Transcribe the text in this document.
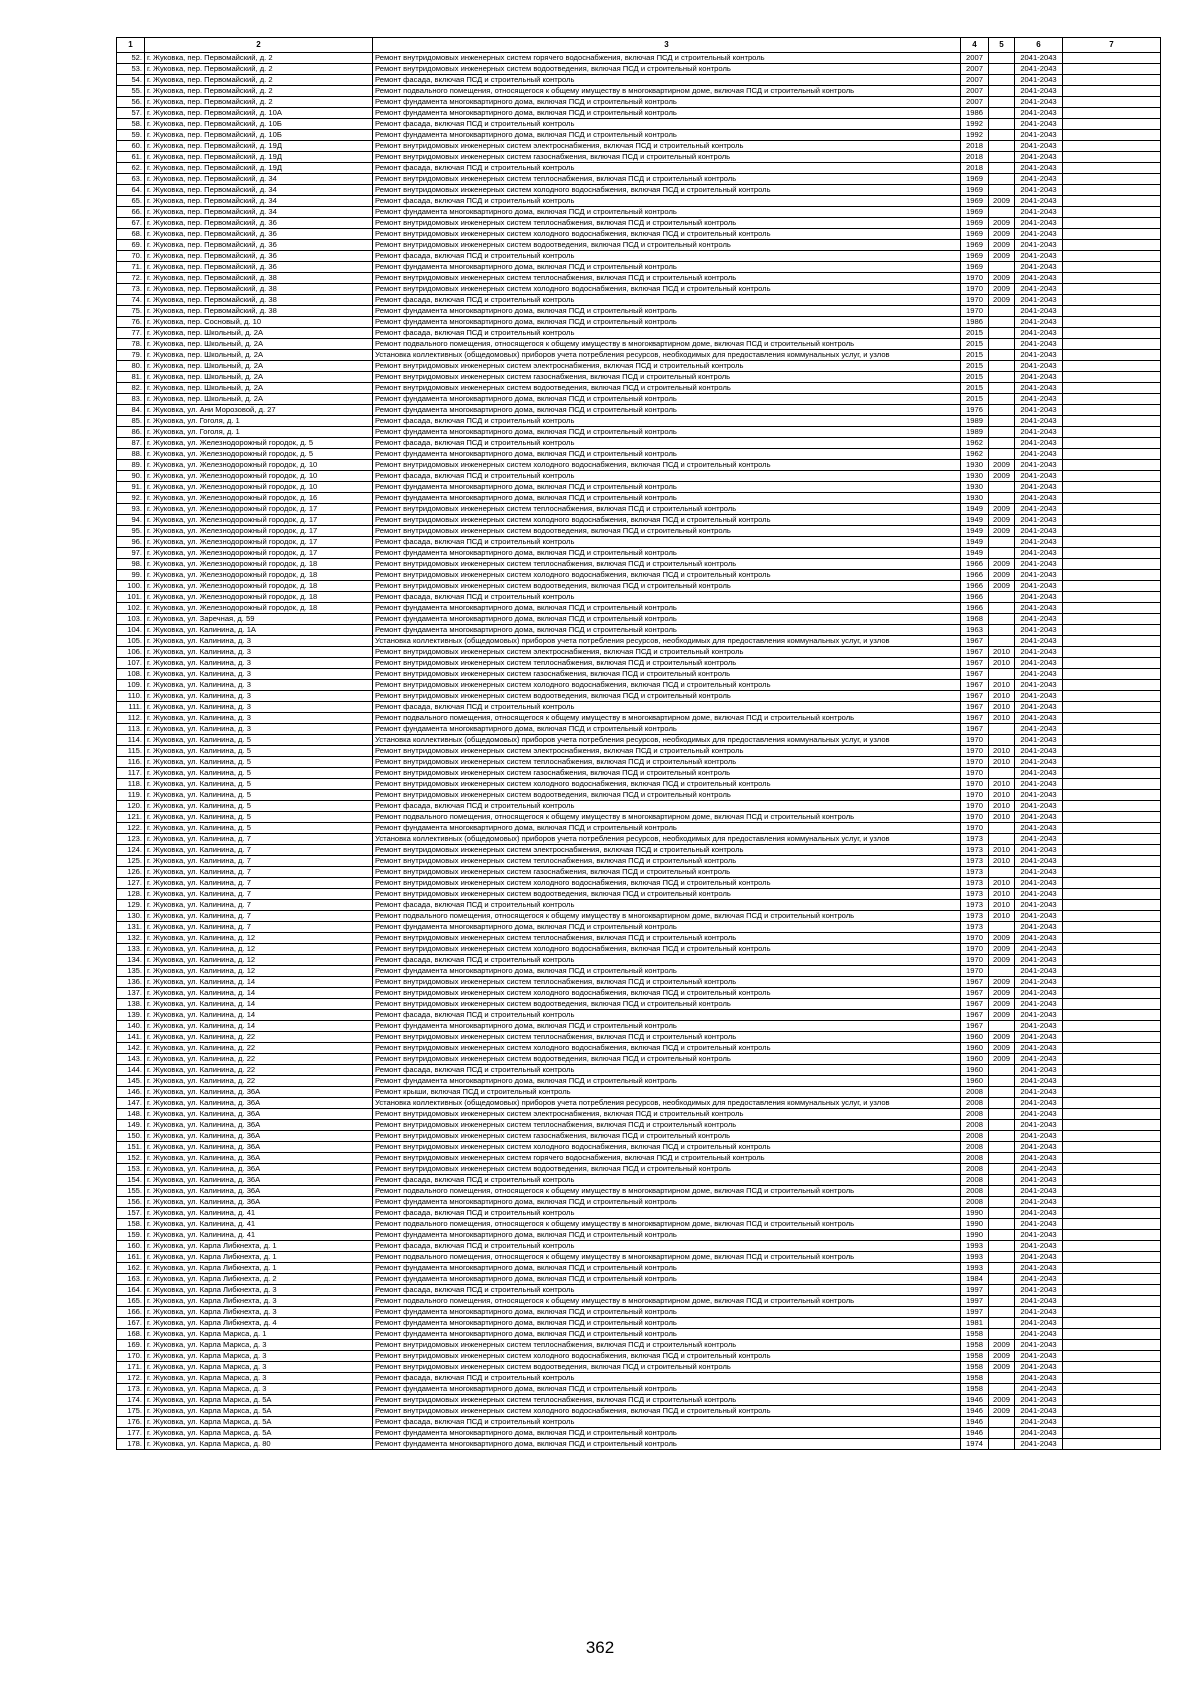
1	2	3	4	5	6	7
52.	г. Жуковка, пер. Первомайский, д. 2	Ремонт внутридомовых инженерных систем горячего водоснабжения, включая ПСД и строительный контроль	2007		2041-2043	
53.	г. Жуковка, пер. Первомайский, д. 2	Ремонт внутридомовых инженерных систем водоотведения, включая ПСД и строительный контроль	2007		2041-2043	
54.	г. Жуковка, пер. Первомайский, д. 2	Ремонт фасада, включая ПСД и строительный контроль	2007		2041-2043	
55.	г. Жуковка, пер. Первомайский, д. 2	Ремонт подвального помещения, относящегося к общему имуществу в многоквартирном доме, включая ПСД и строительный контроль	2007		2041-2043	
56.	г. Жуковка, пер. Первомайский, д. 2	Ремонт фундамента многоквартирного дома, включая ПСД и строительный контроль	2007		2041-2043	
57.	г. Жуковка, пер. Первомайский, д. 10А	Ремонт фундамента многоквартирного дома, включая ПСД и строительный контроль	1986		2041-2043	
58.	г. Жуковка, пер. Первомайский, д. 10Б	Ремонт фасада, включая ПСД и строительный контроль	1992		2041-2043	
59.	г. Жуковка, пер. Первомайский, д. 10Б	Ремонт фундамента многоквартирного дома, включая ПСД и строительный контроль	1992		2041-2043	
60.	г. Жуковка, пер. Первомайский, д. 19Д	Ремонт внутридомовых инженерных систем электроснабжения, включая ПСД и строительный контроль	2018		2041-2043	
61.	г. Жуковка, пер. Первомайский, д. 19Д	Ремонт внутридомовых инженерных систем газоснабжения, включая ПСД и строительный контроль	2018		2041-2043	
62.	г. Жуковка, пер. Первомайский, д. 19Д	Ремонт фасада, включая ПСД и строительный контроль	2018		2041-2043	
63.	г. Жуковка, пер. Первомайский, д. 34	Ремонт внутридомовых инженерных систем теплоснабжения, включая ПСД и строительный контроль	1969		2041-2043	
64.	г. Жуковка, пер. Первомайский, д. 34	Ремонт внутридомовых инженерных систем холодного водоснабжения, включая ПСД и строительный контроль	1969		2041-2043	
65.	г. Жуковка, пер. Первомайский, д. 34	Ремонт фасада, включая ПСД и строительный контроль	1969	2009	2041-2043	
66.	г. Жуковка, пер. Первомайский, д. 34	Ремонт фундамента многоквартирного дома, включая ПСД и строительный контроль	1969		2041-2043	
67.	г. Жуковка, пер. Первомайский, д. 36	Ремонт внутридомовых инженерных систем теплоснабжения, включая ПСД и строительный контроль	1969	2009	2041-2043	
68.	г. Жуковка, пер. Первомайский, д. 36	Ремонт внутридомовых инженерных систем холодного водоснабжения, включая ПСД и строительный контроль	1969	2009	2041-2043	
69.	г. Жуковка, пер. Первомайский, д. 36	Ремонт внутридомовых инженерных систем водоотведения, включая ПСД и строительный контроль	1969	2009	2041-2043	
70.	г. Жуковка, пер. Первомайский, д. 36	Ремонт фасада, включая ПСД и строительный контроль	1969	2009	2041-2043	
71.	г. Жуковка, пер. Первомайский, д. 36	Ремонт фундамента многоквартирного дома, включая ПСД и строительный контроль	1969		2041-2043	
72.	г. Жуковка, пер. Первомайский, д. 38	Ремонт внутридомовых инженерных систем теплоснабжения, включая ПСД и строительный контроль	1970	2009	2041-2043	
73.	г. Жуковка, пер. Первомайский, д. 38	Ремонт внутридомовых инженерных систем холодного водоснабжения, включая ПСД и строительный контроль	1970	2009	2041-2043	
74.	г. Жуковка, пер. Первомайский, д. 38	Ремонт фасада, включая ПСД и строительный контроль	1970	2009	2041-2043	
75.	г. Жуковка, пер. Первомайский, д. 38	Ремонт фундамента многоквартирного дома, включая ПСД и строительный контроль	1970		2041-2043	
76.	г. Жуковка, пер. Сосновый, д. 10	Ремонт фундамента многоквартирного дома, включая ПСД и строительный контроль	1986		2041-2043	
77.	г. Жуковка, пер. Школьный, д. 2А	Ремонт фасада, включая ПСД и строительный контроль	2015		2041-2043	
78.	г. Жуковка, пер. Школьный, д. 2А	Ремонт подвального помещения, относящегося к общему имуществу в многоквартирном доме, включая ПСД и строительный контроль	2015		2041-2043	
79.	г. Жуковка, пер. Школьный, д. 2А	Установка коллективных (общедомовых) приборов учета потребления ресурсов, необходимых для предоставления коммунальных услуг, и узлов	2015		2041-2043	
80.	г. Жуковка, пер. Школьный, д. 2А	Ремонт внутридомовых инженерных систем электроснабжения, включая ПСД и строительный контроль	2015		2041-2043	
81.	г. Жуковка, пер. Школьный, д. 2А	Ремонт внутридомовых инженерных систем газоснабжения, включая ПСД и строительный контроль	2015		2041-2043	
82.	г. Жуковка, пер. Школьный, д. 2А	Ремонт внутридомовых инженерных систем водоотведения, включая ПСД и строительный контроль	2015		2041-2043	
83.	г. Жуковка, пер. Школьный, д. 2А	Ремонт фундамента многоквартирного дома, включая ПСД и строительный контроль	2015		2041-2043	
84.	г. Жуковка, ул. Ани Морозовой, д. 27	Ремонт фундамента многоквартирного дома, включая ПСД и строительный контроль	1976		2041-2043	
85.	г. Жуковка, ул. Гоголя, д. 1	Ремонт фасада, включая ПСД и строительный контроль	1989		2041-2043	
86.	г. Жуковка, ул. Гоголя, д. 1	Ремонт фундамента многоквартирного дома, включая ПСД и строительный контроль	1989		2041-2043	
87.	г. Жуковка, ул. Железнодорожный городок, д. 5	Ремонт фасада, включая ПСД и строительный контроль	1962		2041-2043	
88.	г. Жуковка, ул. Железнодорожный городок, д. 5	Ремонт фундамента многоквартирного дома, включая ПСД и строительный контроль	1962		2041-2043	
89.	г. Жуковка, ул. Железнодорожный городок, д. 10	Ремонт внутридомовых инженерных систем холодного водоснабжения, включая ПСД и строительный контроль	1930	2009	2041-2043	
90.	г. Жуковка, ул. Железнодорожный городок, д. 10	Ремонт фасада, включая ПСД и строительный контроль	1930	2009	2041-2043	
91.	г. Жуковка, ул. Железнодорожный городок, д. 10	Ремонт фундамента многоквартирного дома, включая ПСД и строительный контроль	1930		2041-2043	
92.	г. Жуковка, ул. Железнодорожный городок, д. 16	Ремонт фундамента многоквартирного дома, включая ПСД и строительный контроль	1930		2041-2043	
93.	г. Жуковка, ул. Железнодорожный городок, д. 17	Ремонт внутридомовых инженерных систем теплоснабжения, включая ПСД и строительный контроль	1949	2009	2041-2043	
94.	г. Жуковка, ул. Железнодорожный городок, д. 17	Ремонт внутридомовых инженерных систем холодного водоснабжения, включая ПСД и строительный контроль	1949	2009	2041-2043	
95.	г. Жуковка, ул. Железнодорожный городок, д. 17	Ремонт внутридомовых инженерных систем водоотведения, включая ПСД и строительный контроль	1949	2009	2041-2043	
96.	г. Жуковка, ул. Железнодорожный городок, д. 17	Ремонт фасада, включая ПСД и строительный контроль	1949		2041-2043	
97.	г. Жуковка, ул. Железнодорожный городок, д. 17	Ремонт фундамента многоквартирного дома, включая ПСД и строительный контроль	1949		2041-2043	
98.	г. Жуковка, ул. Железнодорожный городок, д. 18	Ремонт внутридомовых инженерных систем теплоснабжения, включая ПСД и строительный контроль	1966	2009	2041-2043	
99.	г. Жуковка, ул. Железнодорожный городок, д. 18	Ремонт внутридомовых инженерных систем холодного водоснабжения, включая ПСД и строительный контроль	1966	2009	2041-2043	
100.	г. Жуковка, ул. Железнодорожный городок, д. 18	Ремонт внутридомовых инженерных систем водоотведения, включая ПСД и строительный контроль	1966	2009	2041-2043	
101.	г. Жуковка, ул. Железнодорожный городок, д. 18	Ремонт фасада, включая ПСД и строительный контроль	1966		2041-2043	
102.	г. Жуковка, ул. Железнодорожный городок, д. 18	Ремонт фундамента многоквартирного дома, включая ПСД и строительный контроль	1966		2041-2043	
103.	г. Жуковка, ул. Заречная, д. 59	Ремонт фундамента многоквартирного дома, включая ПСД и строительный контроль	1968		2041-2043	
104.	г. Жуковка, ул. Калинина, д. 1А	Ремонт фундамента многоквартирного дома, включая ПСД и строительный контроль	1963		2041-2043	
105.	г. Жуковка, ул. Калинина, д. 3	Установка коллективных (общедомовых) приборов учета потребления ресурсов, необходимых для предоставления коммунальных услуг, и узлов	1967		2041-2043	
106.	г. Жуковка, ул. Калинина, д. 3	Ремонт внутридомовых инженерных систем электроснабжения, включая ПСД и строительный контроль	1967	2010	2041-2043	
107.	г. Жуковка, ул. Калинина, д. 3	Ремонт внутридомовых инженерных систем теплоснабжения, включая ПСД и строительный контроль	1967	2010	2041-2043	
108.	г. Жуковка, ул. Калинина, д. 3	Ремонт внутридомовых инженерных систем газоснабжения, включая ПСД и строительный контроль	1967		2041-2043	
109.	г. Жуковка, ул. Калинина, д. 3	Ремонт внутридомовых инженерных систем холодного водоснабжения, включая ПСД и строительный контроль	1967	2010	2041-2043	
110.	г. Жуковка, ул. Калинина, д. 3	Ремонт внутридомовых инженерных систем водоотведения, включая ПСД и строительный контроль	1967	2010	2041-2043	
111.	г. Жуковка, ул. Калинина, д. 3	Ремонт фасада, включая ПСД и строительный контроль	1967	2010	2041-2043	
112.	г. Жуковка, ул. Калинина, д. 3	Ремонт подвального помещения, относящегося к общему имуществу в многоквартирном доме, включая ПСД и строительный контроль	1967	2010	2041-2043	
113.	г. Жуковка, ул. Калинина, д. 3	Ремонт фундамента многоквартирного дома, включая ПСД и строительный контроль	1967		2041-2043	
114.	г. Жуковка, ул. Калинина, д. 5	Установка коллективных (общедомовых) приборов учета потребления ресурсов, необходимых для предоставления коммунальных услуг, и узлов	1970		2041-2043	
115.	г. Жуковка, ул. Калинина, д. 5	Ремонт внутридомовых инженерных систем электроснабжения, включая ПСД и строительный контроль	1970	2010	2041-2043	
116.	г. Жуковка, ул. Калинина, д. 5	Ремонт внутридомовых инженерных систем теплоснабжения, включая ПСД и строительный контроль	1970	2010	2041-2043	
117.	г. Жуковка, ул. Калинина, д. 5	Ремонт внутридомовых инженерных систем газоснабжения, включая ПСД и строительный контроль	1970		2041-2043	
118.	г. Жуковка, ул. Калинина, д. 5	Ремонт внутридомовых инженерных систем холодного водоснабжения, включая ПСД и строительный контроль	1970	2010	2041-2043	
119.	г. Жуковка, ул. Калинина, д. 5	Ремонт внутридомовых инженерных систем водоотведения, включая ПСД и строительный контроль	1970	2010	2041-2043	
120.	г. Жуковка, ул. Калинина, д. 5	Ремонт фасада, включая ПСД и строительный контроль	1970	2010	2041-2043	
121.	г. Жуковка, ул. Калинина, д. 5	Ремонт подвального помещения, относящегося к общему имуществу в многоквартирном доме, включая ПСД и строительный контроль	1970	2010	2041-2043	
122.	г. Жуковка, ул. Калинина, д. 5	Ремонт фундамента многоквартирного дома, включая ПСД и строительный контроль	1970		2041-2043	
123.	г. Жуковка, ул. Калинина, д. 7	Установка коллективных (общедомовых) приборов учета потребления ресурсов, необходимых для предоставления коммунальных услуг, и узлов	1973		2041-2043	
124.	г. Жуковка, ул. Калинина, д. 7	Ремонт внутридомовых инженерных систем электроснабжения, включая ПСД и строительный контроль	1973	2010	2041-2043	
125.	г. Жуковка, ул. Калинина, д. 7	Ремонт внутридомовых инженерных систем теплоснабжения, включая ПСД и строительный контроль	1973	2010	2041-2043	
126.	г. Жуковка, ул. Калинина, д. 7	Ремонт внутридомовых инженерных систем газоснабжения, включая ПСД и строительный контроль	1973		2041-2043	
127.	г. Жуковка, ул. Калинина, д. 7	Ремонт внутридомовых инженерных систем холодного водоснабжения, включая ПСД и строительный контроль	1973	2010	2041-2043	
128.	г. Жуковка, ул. Калинина, д. 7	Ремонт внутридомовых инженерных систем водоотведения, включая ПСД и строительный контроль	1973	2010	2041-2043	
129.	г. Жуковка, ул. Калинина, д. 7	Ремонт фасада, включая ПСД и строительный контроль	1973	2010	2041-2043	
130.	г. Жуковка, ул. Калинина, д. 7	Ремонт подвального помещения, относящегося к общему имуществу в многоквартирном доме, включая ПСД и строительный контроль	1973	2010	2041-2043	
131.	г. Жуковка, ул. Калинина, д. 7	Ремонт фундамента многоквартирного дома, включая ПСД и строительный контроль	1973		2041-2043	
132.	г. Жуковка, ул. Калинина, д. 12	Ремонт внутридомовых инженерных систем теплоснабжения, включая ПСД и строительный контроль	1970	2009	2041-2043	
133.	г. Жуковка, ул. Калинина, д. 12	Ремонт внутридомовых инженерных систем холодного водоснабжения, включая ПСД и строительный контроль	1970	2009	2041-2043	
134.	г. Жуковка, ул. Калинина, д. 12	Ремонт фасада, включая ПСД и строительный контроль	1970	2009	2041-2043	
135.	г. Жуковка, ул. Калинина, д. 12	Ремонт фундамента многоквартирного дома, включая ПСД и строительный контроль	1970		2041-2043	
136.	г. Жуковка, ул. Калинина, д. 14	Ремонт внутридомовых инженерных систем теплоснабжения, включая ПСД и строительный контроль	1967	2009	2041-2043	
137.	г. Жуковка, ул. Калинина, д. 14	Ремонт внутридомовых инженерных систем холодного водоснабжения, включая ПСД и строительный контроль	1967	2009	2041-2043	
138.	г. Жуковка, ул. Калинина, д. 14	Ремонт внутридомовых инженерных систем водоотведения, включая ПСД и строительный контроль	1967	2009	2041-2043	
139.	г. Жуковка, ул. Калинина, д. 14	Ремонт фасада, включая ПСД и строительный контроль	1967	2009	2041-2043	
140.	г. Жуковка, ул. Калинина, д. 14	Ремонт фундамента многоквартирного дома, включая ПСД и строительный контроль	1967		2041-2043	
141.	г. Жуковка, ул. Калинина, д. 22	Ремонт внутридомовых инженерных систем теплоснабжения, включая ПСД и строительный контроль	1960	2009	2041-2043	
142.	г. Жуковка, ул. Калинина, д. 22	Ремонт внутридомовых инженерных систем холодного водоснабжения, включая ПСД и строительный контроль	1960	2009	2041-2043	
143.	г. Жуковка, ул. Калинина, д. 22	Ремонт внутридомовых инженерных систем водоотведения, включая ПСД и строительный контроль	1960	2009	2041-2043	
144.	г. Жуковка, ул. Калинина, д. 22	Ремонт фасада, включая ПСД и строительный контроль	1960		2041-2043	
145.	г. Жуковка, ул. Калинина, д. 22	Ремонт фундамента многоквартирного дома, включая ПСД и строительный контроль	1960		2041-2043	
146.	г. Жуковка, ул. Калинина, д. 36А	Ремонт крыши, включая ПСД и строительный контроль	2008		2041-2043	
147.	г. Жуковка, ул. Калинина, д. 36А	Установка коллективных (общедомовых) приборов учета потребления ресурсов, необходимых для предоставления коммунальных услуг, и узлов	2008		2041-2043	
148.	г. Жуковка, ул. Калинина, д. 36А	Ремонт внутридомовых инженерных систем электроснабжения, включая ПСД и строительный контроль	2008		2041-2043	
149.	г. Жуковка, ул. Калинина, д. 36А	Ремонт внутридомовых инженерных систем теплоснабжения, включая ПСД и строительный контроль	2008		2041-2043	
150.	г. Жуковка, ул. Калинина, д. 36А	Ремонт внутридомовых инженерных систем газоснабжения, включая ПСД и строительный контроль	2008		2041-2043	
151.	г. Жуковка, ул. Калинина, д. 36А	Ремонт внутридомовых инженерных систем холодного водоснабжения, включая ПСД и строительный контроль	2008		2041-2043	
152.	г. Жуковка, ул. Калинина, д. 36А	Ремонт внутридомовых инженерных систем горячего водоснабжения, включая ПСД и строительный контроль	2008		2041-2043	
153.	г. Жуковка, ул. Калинина, д. 36А	Ремонт внутридомовых инженерных систем водоотведения, включая ПСД и строительный контроль	2008		2041-2043	
154.	г. Жуковка, ул. Калинина, д. 36А	Ремонт фасада, включая ПСД и строительный контроль	2008		2041-2043	
155.	г. Жуковка, ул. Калинина, д. 36А	Ремонт подвального помещения, относящегося к общему имуществу в многоквартирном доме, включая ПСД и строительный контроль	2008		2041-2043	
156.	г. Жуковка, ул. Калинина, д. 36А	Ремонт фундамента многоквартирного дома, включая ПСД и строительный контроль	2008		2041-2043	
157.	г. Жуковка, ул. Калинина, д. 41	Ремонт фасада, включая ПСД и строительный контроль	1990		2041-2043	
158.	г. Жуковка, ул. Калинина, д. 41	Ремонт подвального помещения, относящегося к общему имуществу в многоквартирном доме, включая ПСД и строительный контроль	1990		2041-2043	
159.	г. Жуковка, ул. Калинина, д. 41	Ремонт фундамента многоквартирного дома, включая ПСД и строительный контроль	1990		2041-2043	
160.	г. Жуковка, ул. Карла Либкнехта, д. 1	Ремонт фасада, включая ПСД и строительный контроль	1993		2041-2043	
161.	г. Жуковка, ул. Карла Либкнехта, д. 1	Ремонт подвального помещения, относящегося к общему имуществу в многоквартирном доме, включая ПСД и строительный контроль	1993		2041-2043	
162.	г. Жуковка, ул. Карла Либкнехта, д. 1	Ремонт фундамента многоквартирного дома, включая ПСД и строительный контроль	1993		2041-2043	
163.	г. Жуковка, ул. Карла Либкнехта, д. 2	Ремонт фундамента многоквартирного дома, включая ПСД и строительный контроль	1984		2041-2043	
164.	г. Жуковка, ул. Карла Либкнехта, д. 3	Ремонт фасада, включая ПСД и строительный контроль	1997		2041-2043	
165.	г. Жуковка, ул. Карла Либкнехта, д. 3	Ремонт подвального помещения, относящегося к общему имуществу в многоквартирном доме, включая ПСД и строительный контроль	1997		2041-2043	
166.	г. Жуковка, ул. Карла Либкнехта, д. 3	Ремонт фундамента многоквартирного дома, включая ПСД и строительный контроль	1997		2041-2043	
167.	г. Жуковка, ул. Карла Либкнехта, д. 4	Ремонт фундамента многоквартирного дома, включая ПСД и строительный контроль	1981		2041-2043	
168.	г. Жуковка, ул. Карла Маркса, д. 1	Ремонт фундамента многоквартирного дома, включая ПСД и строительный контроль	1958		2041-2043	
169.	г. Жуковка, ул. Карла Маркса, д. 3	Ремонт внутридомовых инженерных систем теплоснабжения, включая ПСД и строительный контроль	1958	2009	2041-2043	
170.	г. Жуковка, ул. Карла Маркса, д. 3	Ремонт внутридомовых инженерных систем холодного водоснабжения, включая ПСД и строительный контроль	1958	2009	2041-2043	
171.	г. Жуковка, ул. Карла Маркса, д. 3	Ремонт внутридомовых инженерных систем водоотведения, включая ПСД и строительный контроль	1958	2009	2041-2043	
172.	г. Жуковка, ул. Карла Маркса, д. 3	Ремонт фасада, включая ПСД и строительный контроль	1958		2041-2043	
173.	г. Жуковка, ул. Карла Маркса, д. 3	Ремонт фундамента многоквартирного дома, включая ПСД и строительный контроль	1958		2041-2043	
174.	г. Жуковка, ул. Карла Маркса, д. 5А	Ремонт внутридомовых инженерных систем теплоснабжения, включая ПСД и строительный контроль	1946	2009	2041-2043	
175.	г. Жуковка, ул. Карла Маркса, д. 5А	Ремонт внутридомовых инженерных систем холодного водоснабжения, включая ПСД и строительный контроль	1946	2009	2041-2043	
176.	г. Жуковка, ул. Карла Маркса, д. 5А	Ремонт фасада, включая ПСД и строительный контроль	1946		2041-2043	
177.	г. Жуковка, ул. Карла Маркса, д. 5А	Ремонт фундамента многоквартирного дома, включая ПСД и строительный контроль	1946		2041-2043	
178.	г. Жуковка, ул. Карла Маркса, д. 80	Ремонт фундамента многоквартирного дома, включая ПСД и строительный контроль	1974		2041-2043	
362
